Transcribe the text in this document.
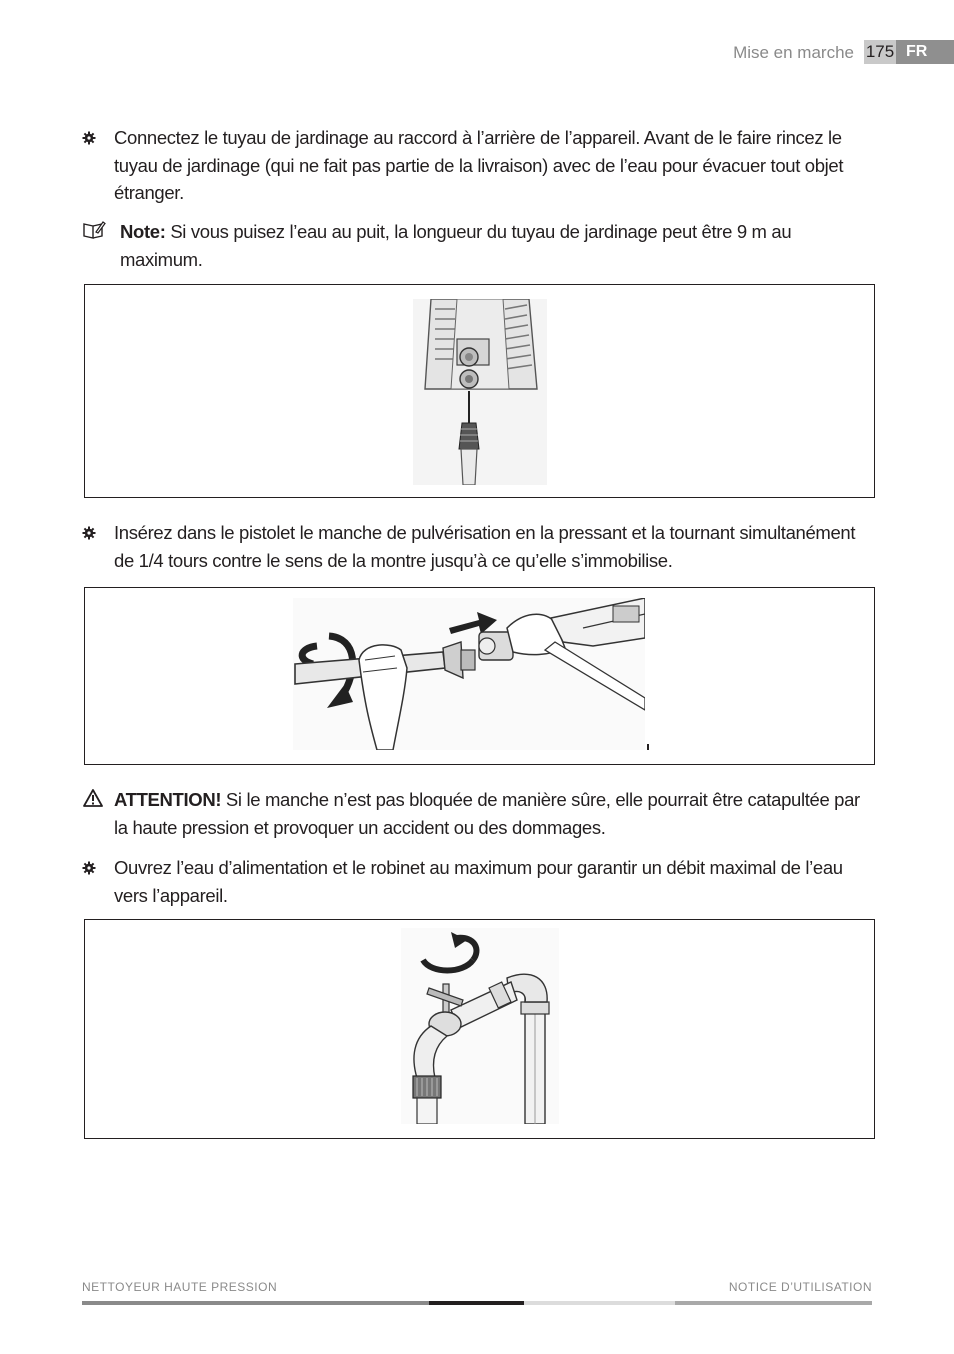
Mise en marche 175 FR
Connectez le tuyau de jardinage au raccord à l’arrière de l’appareil. Avant de le faire rincez le tuyau de jardinage (qui ne fait pas partie de la livraison) avec de l’eau pour évacuer tout objet étranger.
Note: Si vous puisez l’eau au puit, la longueur du tuyau de jardinage peut être 9 m au maximum.
Insérez dans le pistolet le manche de pulvérisation en la pressant et la tournant simultanément de 1/4 tours contre le sens de la montre jusqu’à ce qu’elle s’immobilise.
ATTENTION! Si le manche n’est pas bloquée de manière sûre, elle pourrait être catapultée par la haute pression et provoquer un accident ou des dommages.
Ouvrez l’eau d’alimentation et le robinet au maximum pour garantir un débit maximal de l’eau vers l’appareil.
NETTOYEUR HAUTE PRESSION	NOTICE D’UTILISATION
